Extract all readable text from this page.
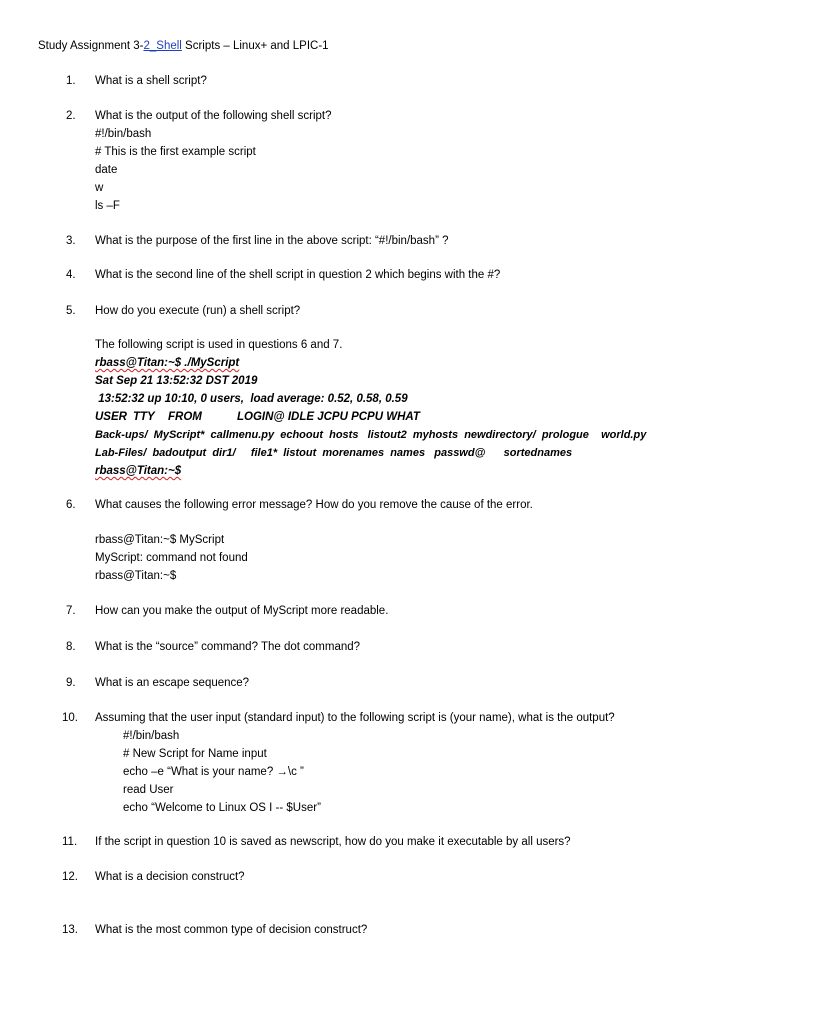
Study Assignment 3-2_Shell Scripts – Linux+ and LPIC-1
1. What is a shell script?
2. What is the output of the following shell script?
#!/bin/bash
# This is the first example script
date
w
ls –F
3. What is the purpose of the first line in the above script: “#!/bin/bash” ?
4. What is the second line of the shell script in question 2 which begins with the #?
5. How do you execute (run) a shell script?
The following script is used in questions 6 and 7.
rbass@Titan:~$ ./MyScript
Sat Sep 21 13:52:32 DST 2019
13:52:32 up 10:10, 0 users,  load average: 0.52, 0.58, 0.59
USER TTY FROM	LOGIN@ IDLE JCPU PCPU WHAT
Back-ups/  MyScript*  callmenu.py  echoout  hosts   listout2  myhosts  newdirectory/  prologue    world.py
Lab-Files/  badoutput  dir1/     file1*  listout  morenames  names   passwd@      sortednames
rbass@Titan:~$
6. What causes the following error message? How do you remove the cause of the error.
rbass@Titan:~$ MyScript
MyScript: command not found
rbass@Titan:~$
7. How can you make the output of MyScript more readable.
8. What is the “source” command? The dot command?
9. What is an escape sequence?
10. Assuming that the user input (standard input) to the following script is (your name), what is the output?
#!/bin/bash
# New Script for Name input
echo –e “What is your name? →\c ”
read User
echo “Welcome to Linux OS I -- $User”
11. If the script in question 10 is saved as newscript, how do you make it executable by all users?
12. What is a decision construct?
13. What is the most common type of decision construct?
